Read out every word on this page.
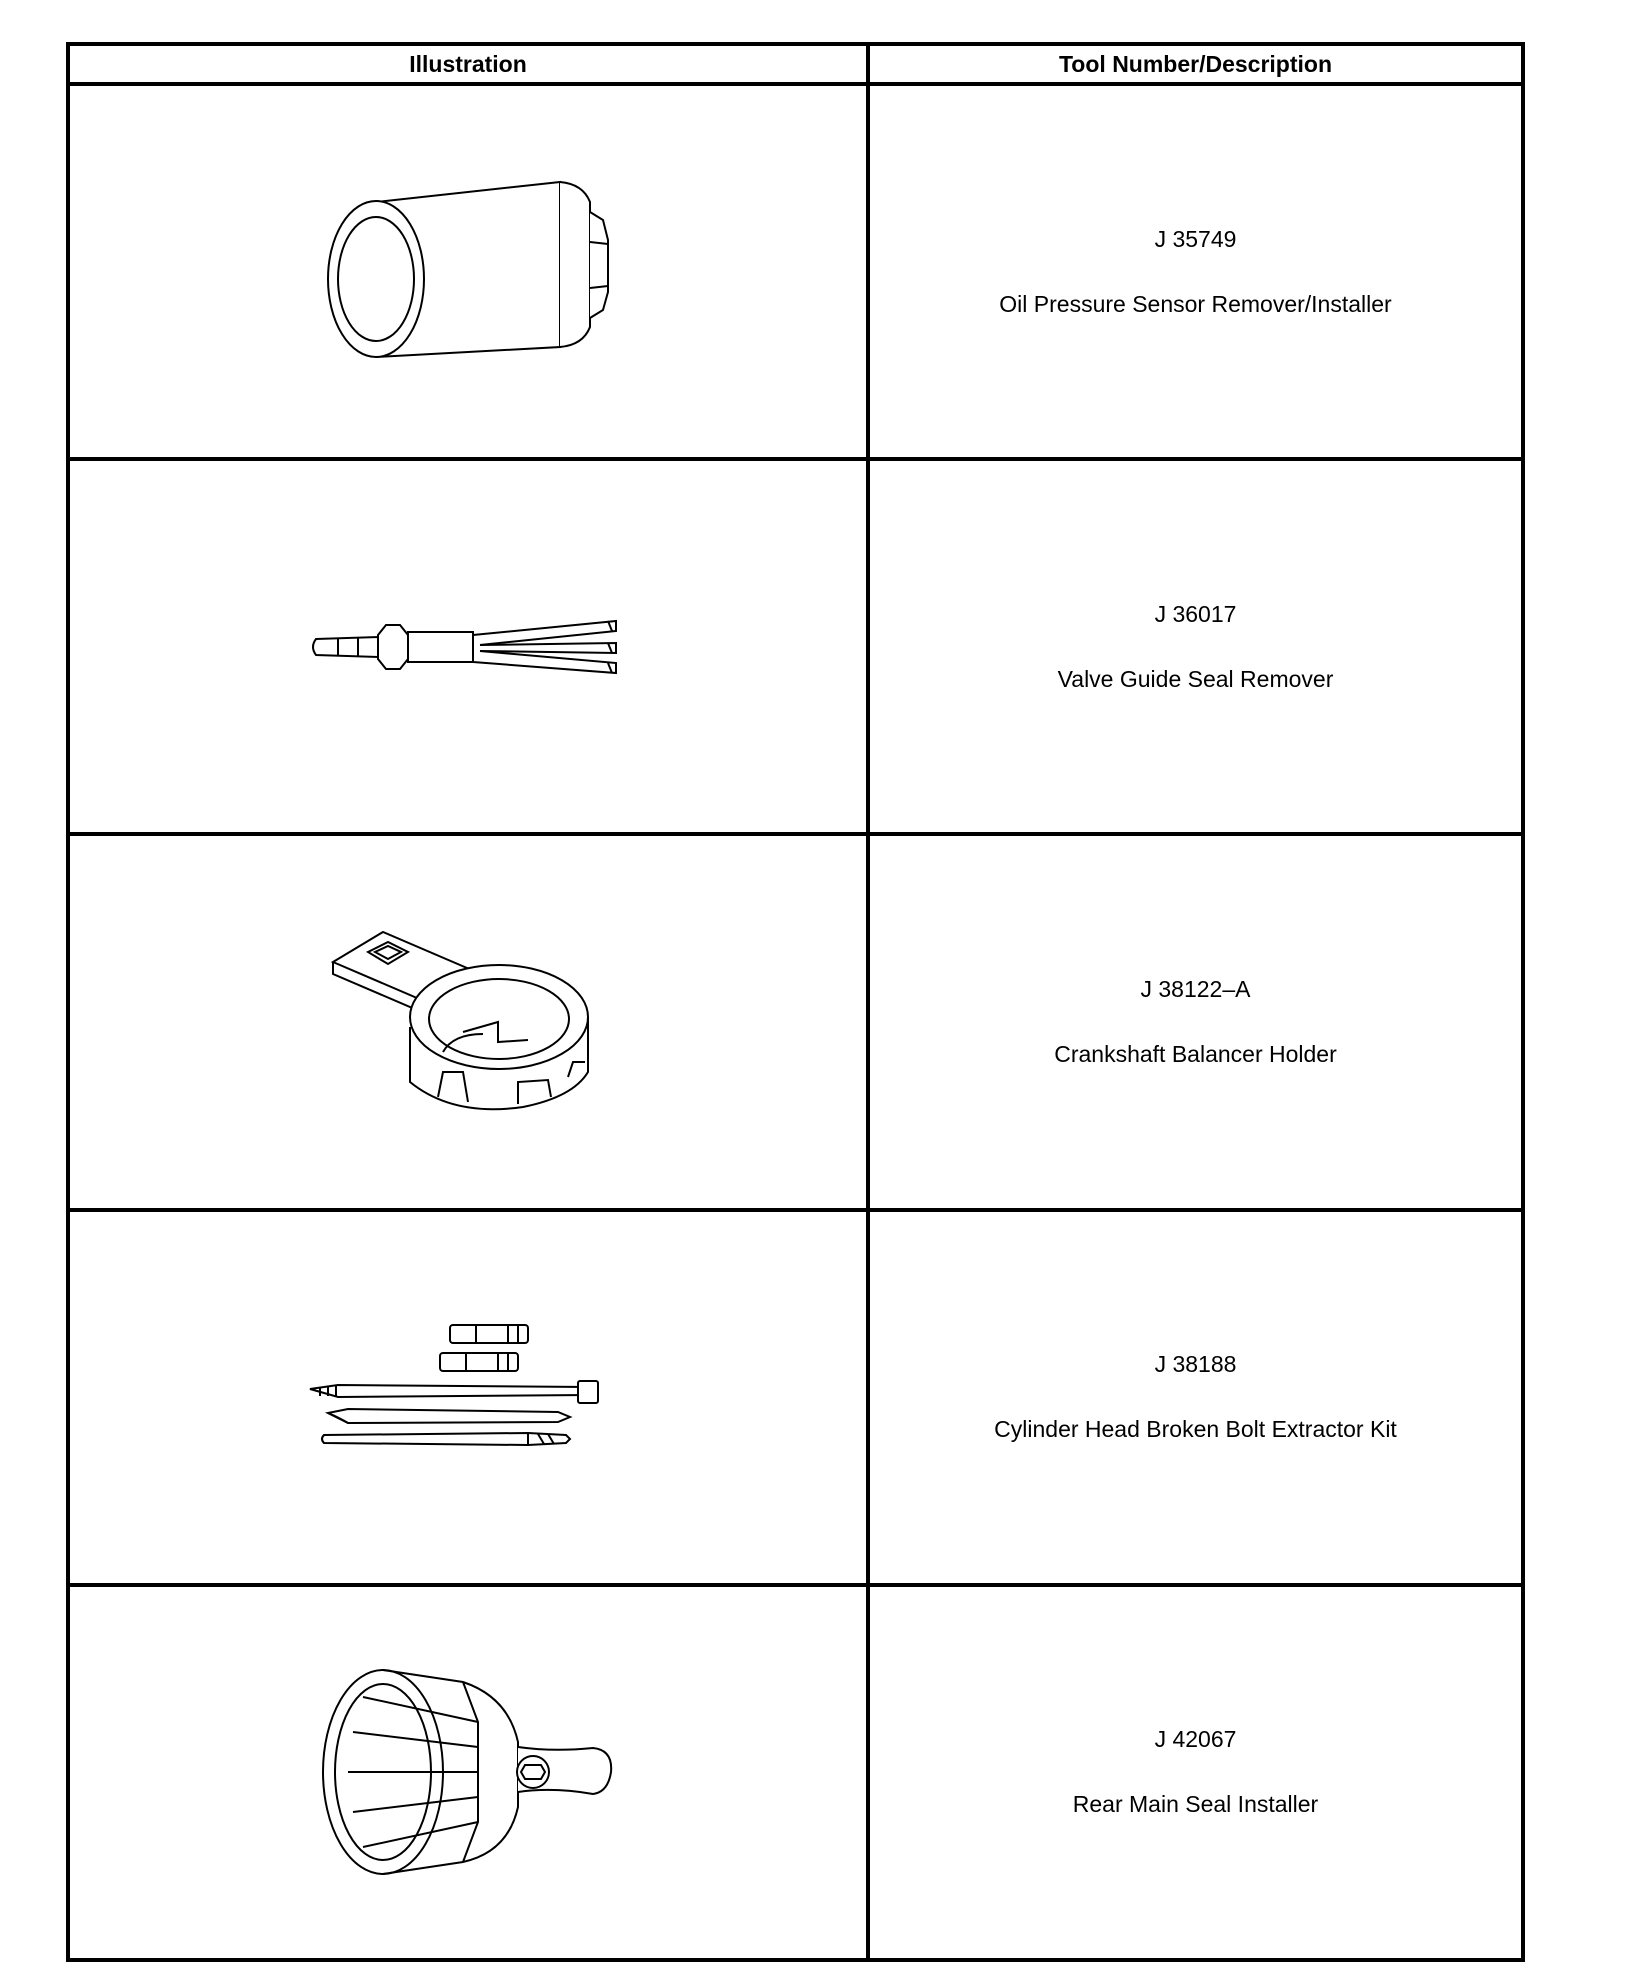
Illustration	Tool Number/Description

J 35749
Oil Pressure Sensor Remover/Installer

J 36017
Valve Guide Seal Remover

J 38122–A
Crankshaft Balancer Holder

J 38188
Cylinder Head Broken Bolt Extractor Kit

J 42067
Rear Main Seal Installer
